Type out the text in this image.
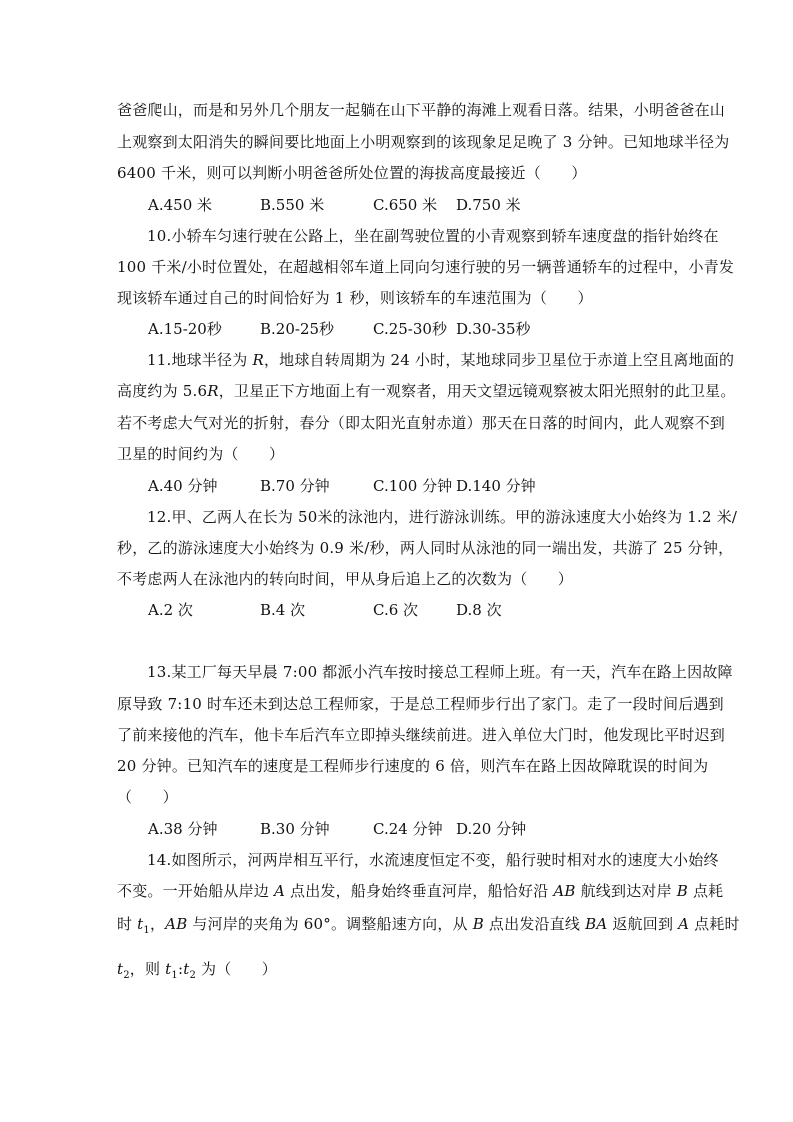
爸爸爬山，而是和另外几个朋友一起躺在山下平静的海滩上观看日落。结果，小明爸爸在山
上观察到太阳消失的瞬间要比地面上小明观察到的该现象足足晚了 3 分钟。已知地球半径为
6400 千米，则可以判断小明爸爸所处位置的海拔高度最接近（　　）
A.450 米	B.550 米	C.650 米 D.750 米
10.小轿车匀速行驶在公路上，坐在副驾驶位置的小青观察到轿车速度盘的指针始终在
100 千米/小时位置处，在超越相邻车道上同向匀速行驶的另一辆普通轿车的过程中，小青发
现该轿车通过自己的时间恰好为 1 秒，则该轿车的车速范围为（　　）
A.15-20秒	B.20-25秒	C.25-30秒 D.30-35秒
11.地球半径为 R，地球自转周期为 24 小时，某地球同步卫星位于赤道上空且离地面的
高度约为 5.6R，卫星正下方地面上有一观察者，用天文望远镜观察被太阳光照射的此卫星。
若不考虑大气对光的折射，春分（即太阳光直射赤道）那天在日落的时间内，此人观察不到
卫星的时间约为（　　）
A.40 分钟	B.70 分钟	C.100 分钟 D.140 分钟
12.甲、乙两人在长为 50米的泳池内，进行游泳训练。甲的游泳速度大小始终为 1.2 米/
秒，乙的游泳速度大小始终为 0.9 米/秒，两人同时从泳池的同一端出发，共游了 25 分钟，
不考虑两人在泳池内的转向时间，甲从身后追上乙的次数为（　　）
A.2 次	B.4 次	C.6 次	D.8 次
13.某工厂每天早晨 7:00 都派小汽车按时接总工程师上班。有一天，汽车在路上因故障
原导致 7:10 时车还未到达总工程师家，于是总工程师步行出了家门。走了一段时间后遇到
了前来接他的汽车，他卡车后汽车立即掉头继续前进。进入单位大门时，他发现比平时迟到
20 分钟。已知汽车的速度是工程师步行速度的 6 倍，则汽车在路上因故障耽误的时间为
（　　）
A.38 分钟	B.30 分钟	C.24 分钟 D.20 分钟
14.如图所示，河两岸相互平行，水流速度恒定不变，船行驶时相对水的速度大小始终
不变。一开始船从岸边 A 点出发，船身始终垂直河岸，船恰好沿 AB 航线到达对岸 B 点耗
时 $t_1$，AB 与河岸的夹角为 60°。调整船速方向，从 B 点出发沿直线 BA 返航回到 A 点耗时
$t_2$，则 $t_1:t_2$ 为（　　）
